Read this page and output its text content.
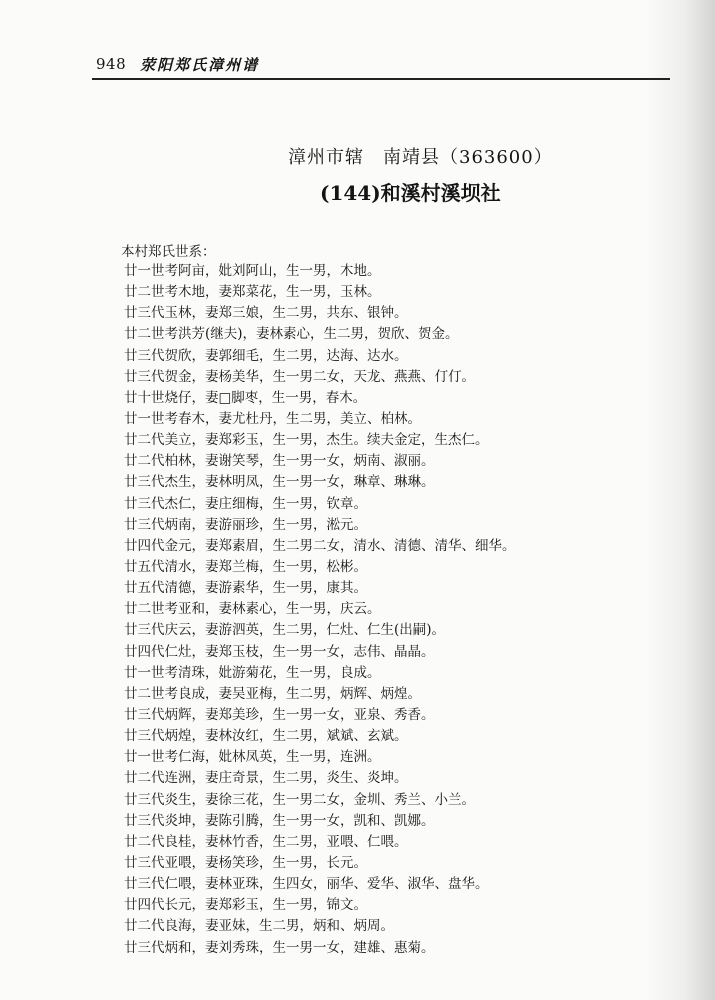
948 荥阳郑氏漳州谱
漳州市辖　南靖县（363600）
(144)和溪村溪坝社
本村郑氏世系：
廿一世考阿亩，妣刘阿山，生一男，木地。
廿二世考木地，妻郑菜花，生一男，玉林。
廿三代玉林，妻郑三娘，生二男，共东、银钟。
廿二世考洪芳(继夫)，妻林素心，生二男，贺欣、贺金。
廿三代贺欣，妻郭细毛，生二男，达海、达水。
廿三代贺金，妻杨美华，生一男二女，天龙、燕燕、仃仃。
廿十世烧仔，妻□脚枣，生一男，春木。
廿一世考春木，妻尤杜丹，生二男，美立、柏林。
廿二代美立，妻郑彩玉，生一男，杰生。续夫金定，生杰仁。
廿二代柏林，妻谢笑琴，生一男一女，炳南、淑丽。
廿三代杰生，妻林明凤，生一男一女，琳章、琳琳。
廿三代杰仁，妻庄细梅，生一男，钦章。
廿三代炳南，妻游丽珍，生一男，淞元。
廿四代金元，妻郑素眉，生二男二女，清水、清德、清华、细华。
廿五代清水，妻郑兰梅，生一男，松彬。
廿五代清德，妻游素华，生一男，康其。
廿二世考亚和，妻林素心，生一男，庆云。
廿三代庆云，妻游泗英，生二男，仁灶、仁生(出嗣)。
廿四代仁灶，妻郑玉枝，生一男一女，志伟、晶晶。
廿一世考清珠，妣游菊花，生一男，良成。
廿二世考良成，妻吴亚梅，生二男，炳辉、炳煌。
廿三代炳辉，妻郑美珍，生一男一女，亚泉、秀香。
廿三代炳煌，妻林汝红，生二男，斌斌、玄斌。
廿一世考仁海，妣林凤英，生一男，连洲。
廿二代连洲，妻庄奇景，生二男，炎生、炎坤。
廿三代炎生，妻徐三花，生一男二女，金圳、秀兰、小兰。
廿三代炎坤，妻陈引腾，生一男一女，凯和、凯娜。
廿二代良桂，妻林竹香，生二男，亚喂、仁喂。
廿三代亚喂，妻杨笑珍，生一男，长元。
廿三代仁喂，妻林亚珠，生四女，丽华、爱华、淑华、盘华。
廿四代长元，妻郑彩玉，生一男，锦文。
廿二代良海，妻亚妹，生二男，炳和、炳周。
廿三代炳和，妻刘秀珠，生一男一女，建雄、惠菊。
